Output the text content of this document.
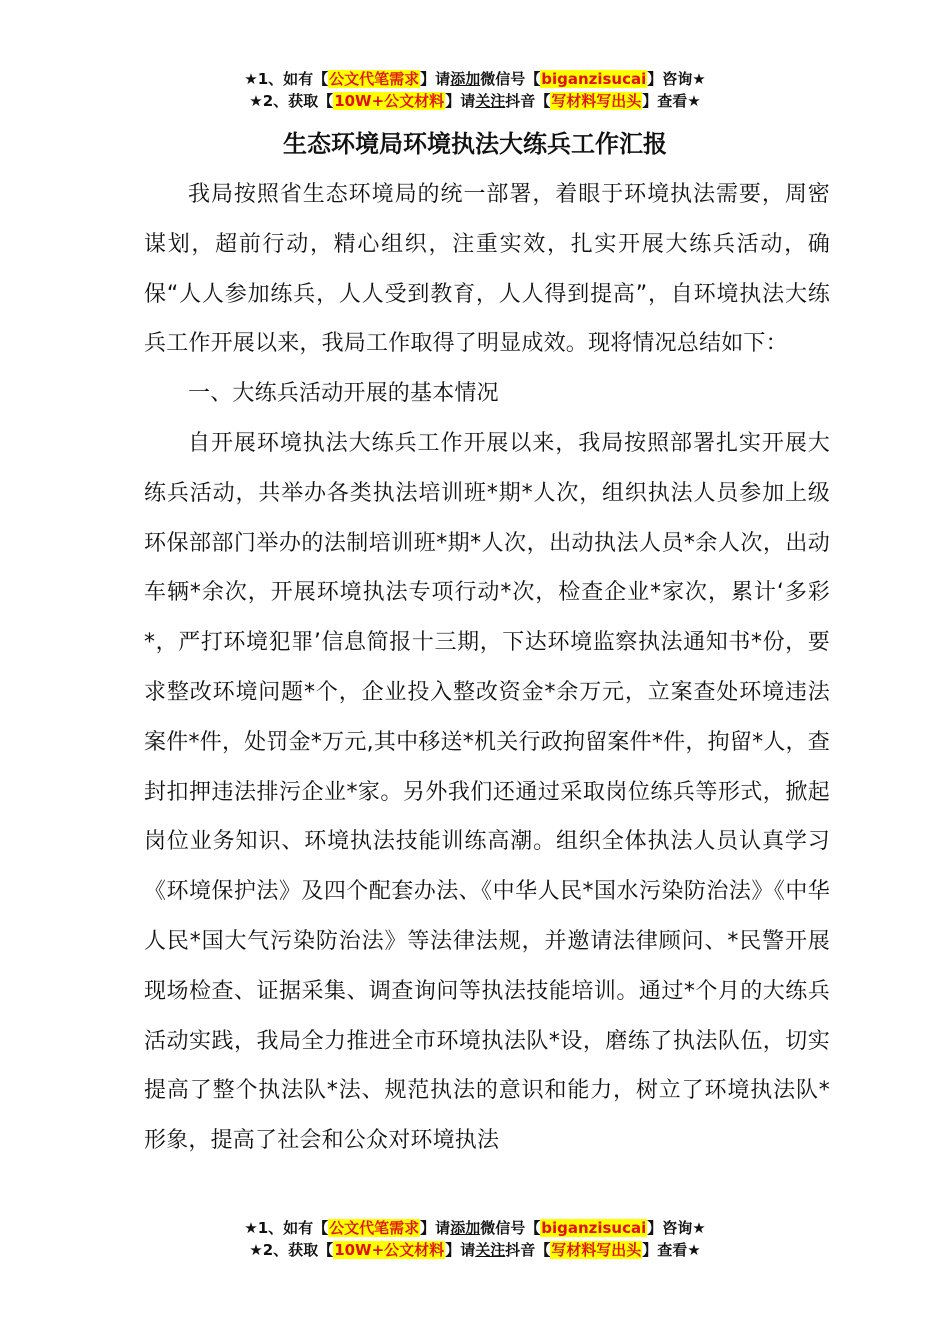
★1、如有【公文代笔需求】请添加微信号【biganzisucai】咨询★
★2、获取【10W+公文材料】请关注抖音【写材料写出头】查看★
生态环境局环境执法大练兵工作汇报

我局按照省生态环境局的统一部署，着眼于环境执法需要，周密谋划，超前行动，精心组织，注重实效，扎实开展大练兵活动，确保“人人参加练兵，人人受到教育，人人得到提高”，自环境执法大练兵工作开展以来，我局工作取得了明显成效。现将情况总结如下：

一、大练兵活动开展的基本情况

自开展环境执法大练兵工作开展以来，我局按照部署扎实开展大练兵活动，共举办各类执法培训班*期*人次，组织执法人员参加上级环保部部门举办的法制培训班*期*人次，出动执法人员*余人次，出动车辆*余次，开展环境执法专项行动*次，检查企业*家次，累计‘多彩*，严打环境犯罪’信息简报十三期，下达环境监察执法通知书*份，要求整改环境问题*个，企业投入整改资金*余万元，立案查处环境违法案件*件，处罚金*万元,其中移送*机关行政拘留案件*件，拘留*人，查封扣押违法排污企业*家。另外我们还通过采取岗位练兵等形式，掀起岗位业务知识、环境执法技能训练高潮。组织全体执法人员认真学习《环境保护法》及四个配套办法、《中华人民*国水污染防治法》《中华人民*国大气污染防治法》等法律法规，并邀请法律顾问、*民警开展现场检查、证据采集、调查询问等执法技能培训。通过*个月的大练兵活动实践，我局全力推进全市环境执法队*设，磨练了执法队伍，切实提高了整个执法队*法、规范执法的意识和能力，树立了环境执法队*形象，提高了社会和公众对环境执法

★1、如有【公文代笔需求】请添加微信号【biganzisucai】咨询★
★2、获取【10W+公文材料】请关注抖音【写材料写出头】查看★
